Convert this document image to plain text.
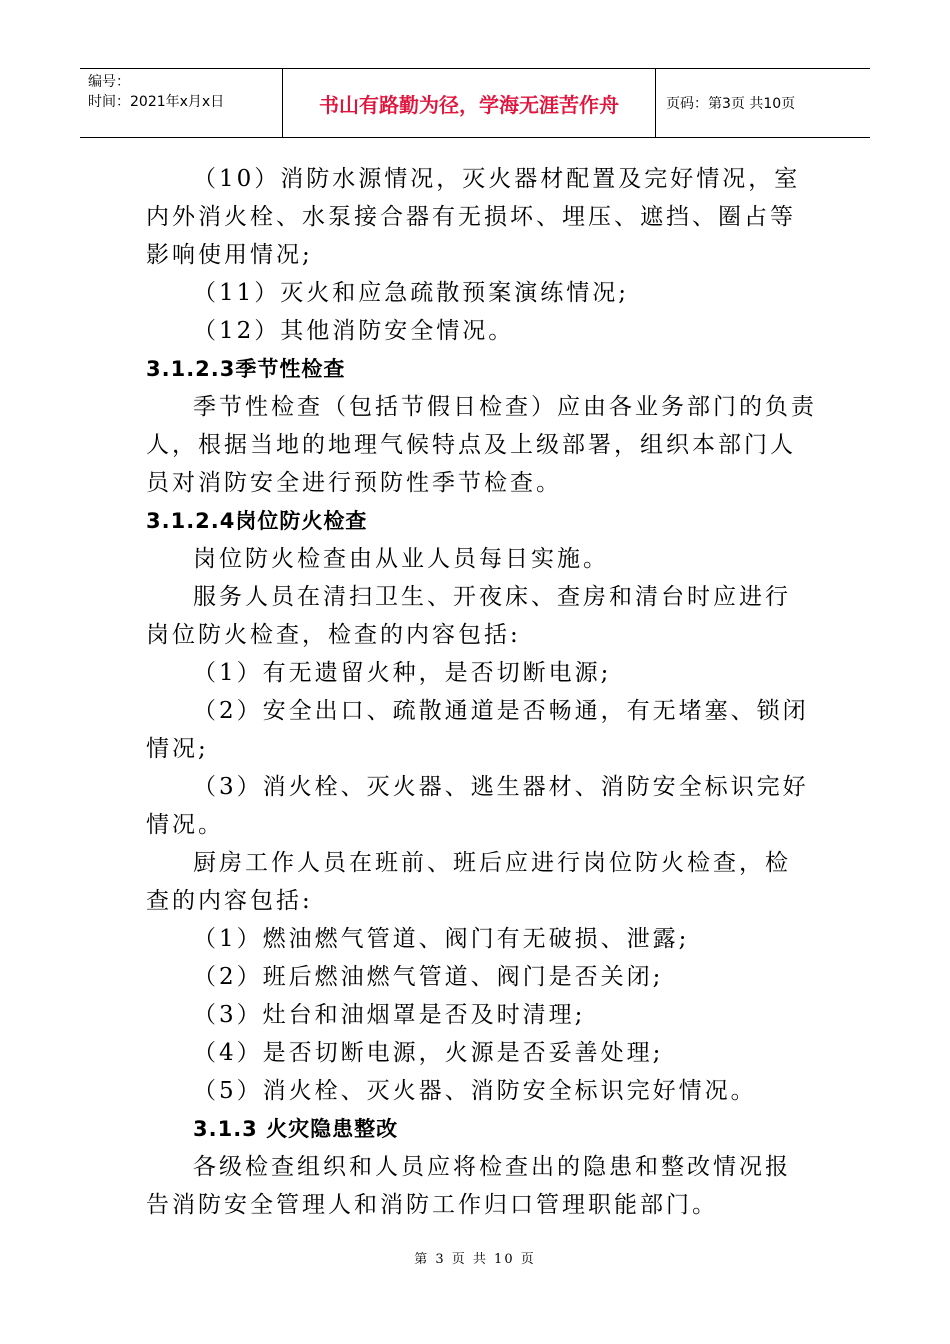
编号：
时间：2021年x月x日	书山有路勤为径，学海无涯苦作舟	页码：第3页 共10页

（10）消防水源情况，灭火器材配置及完好情况，室

内外消火栓、水泵接合器有无损坏、埋压、遮挡、圈占等

影响使用情况;

（11）灭火和应急疏散预案演练情况;

（12）其他消防安全情况。

3.1.2.3季节性检查

季节性检查（包括节假日检查）应由各业务部门的负责

人，根据当地的地理气候特点及上级部署，组织本部门人

员对消防安全进行预防性季节检查。

3.1.2.4岗位防火检查

岗位防火检查由从业人员每日实施。

服务人员在清扫卫生、开夜床、查房和清台时应进行

岗位防火检查，检查的内容包括:

（1）有无遗留火种，是否切断电源;

（2）安全出口、疏散通道是否畅通，有无堵塞、锁闭

情况;

（3）消火栓、灭火器、逃生器材、消防安全标识完好

情况。

厨房工作人员在班前、班后应进行岗位防火检查，检

查的内容包括:

（1）燃油燃气管道、阀门有无破损、泄露;

（2）班后燃油燃气管道、阀门是否关闭;

（3）灶台和油烟罩是否及时清理;

（4）是否切断电源，火源是否妥善处理;

（5）消火栓、灭火器、消防安全标识完好情况。

3.1.3 火灾隐患整改

各级检查组织和人员应将检查出的隐患和整改情况报

告消防安全管理人和消防工作归口管理职能部门。

第 3 页 共 10 页
